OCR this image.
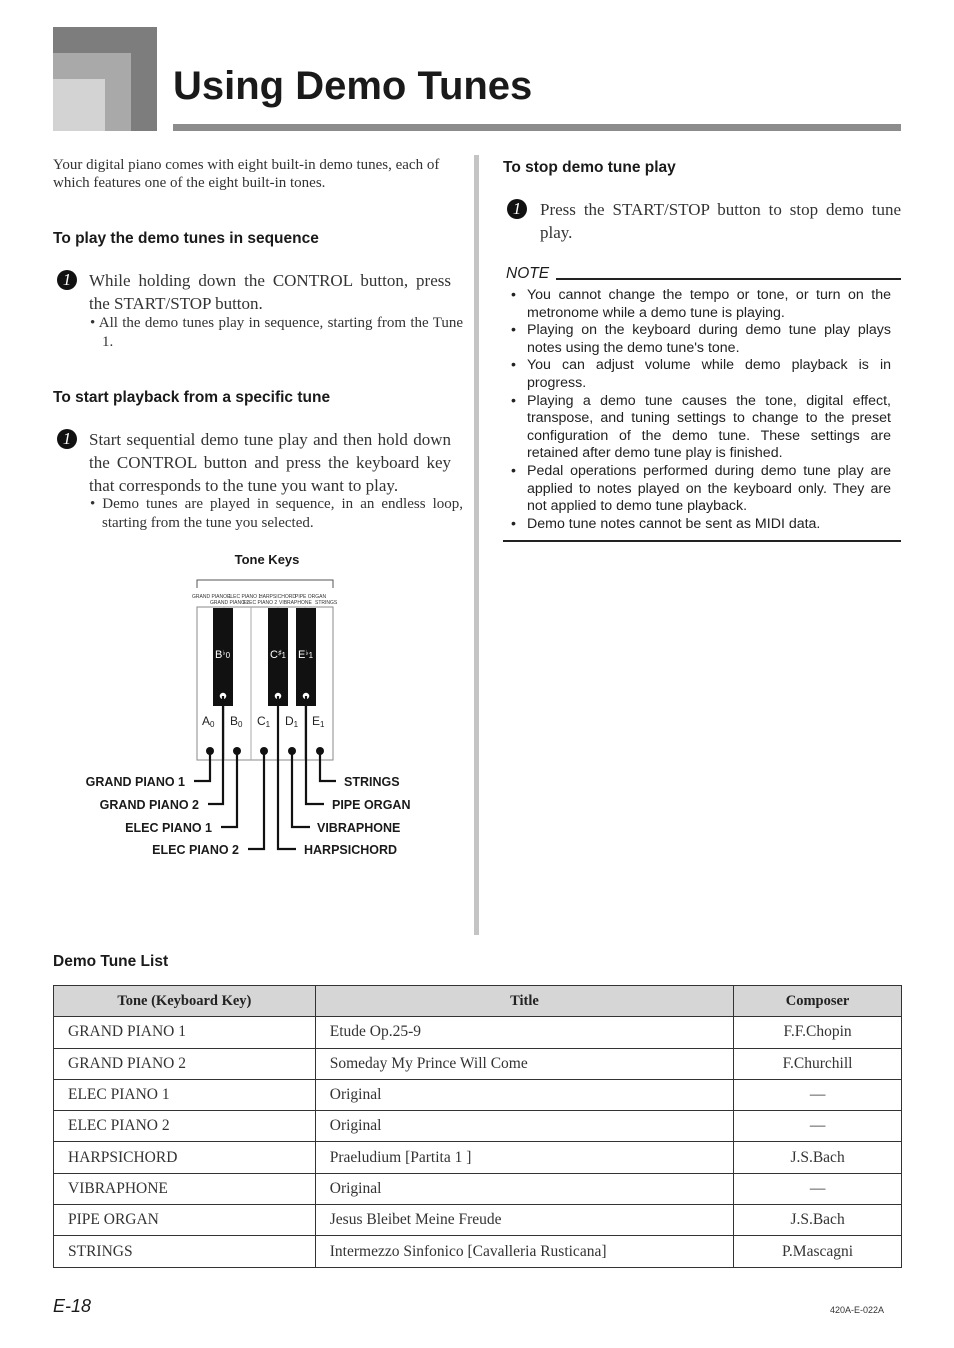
Using Demo Tunes
Your digital piano comes with eight built-in demo tunes, each of which features one of the eight built-in tones.
To play the demo tunes in sequence
1	While holding down the CONTROL button, press the START/STOP button.
• All the demo tunes play in sequence, starting from the Tune 1.
To start playback from a specific tune
1	Start sequential demo tune play and then hold down the CONTROL button and press the keyboard key that corresponds to the tune you want to play.
• Demo tunes are played in sequence, in an endless loop, starting from the tune you selected.
Tone Keys
GRAND PIANO 1
ELEC PIANO 1
HARPSICHORD PIPE ORGAN
GRAND PIANO 2
ELEC PIANO 2 VIBRAPHONE STRINGS
$B^♭_0$	$C^♯_1$ $E^♭_1$
A0 B0 C1 D1 E1
GRAND PIANO 1
GRAND PIANO 2
ELEC PIANO 1
ELEC PIANO 2
STRINGS
PIPE ORGAN
VIBRAPHONE
HARPSICHORD
To stop demo tune play
1	Press the START/STOP button to stop demo tune play.
NOTE
• You cannot change the tempo or tone, or turn on the metronome while a demo tune is playing.
• Playing on the keyboard during demo tune play plays notes using the demo tune's tone.
• You can adjust volume while demo playback is in progress.
• Playing a demo tune causes the tone, digital effect, transpose, and tuning settings to change to the preset configuration of the demo tune. These settings are retained after demo tune play is finished.
• Pedal operations performed during demo tune play are applied to notes played on the keyboard only. They are not applied to demo tune playback.
• Demo tune notes cannot be sent as MIDI data.
Demo Tune List
Tone (Keyboard Key)	Title	Composer
GRAND PIANO 1	Etude Op.25-9	F.F.Chopin
GRAND PIANO 2	Someday My Prince Will Come	F.Churchill
ELEC PIANO 1	Original	—
ELEC PIANO 2	Original	—
HARPSICHORD	Praeludium [Partita 1 ]	J.S.Bach
VIBRAPHONE	Original	—
PIPE ORGAN	Jesus Bleibet Meine Freude	J.S.Bach
STRINGS	Intermezzo Sinfonico [Cavalleria Rusticana]	P.Mascagni
E-18	420A-E-022A
